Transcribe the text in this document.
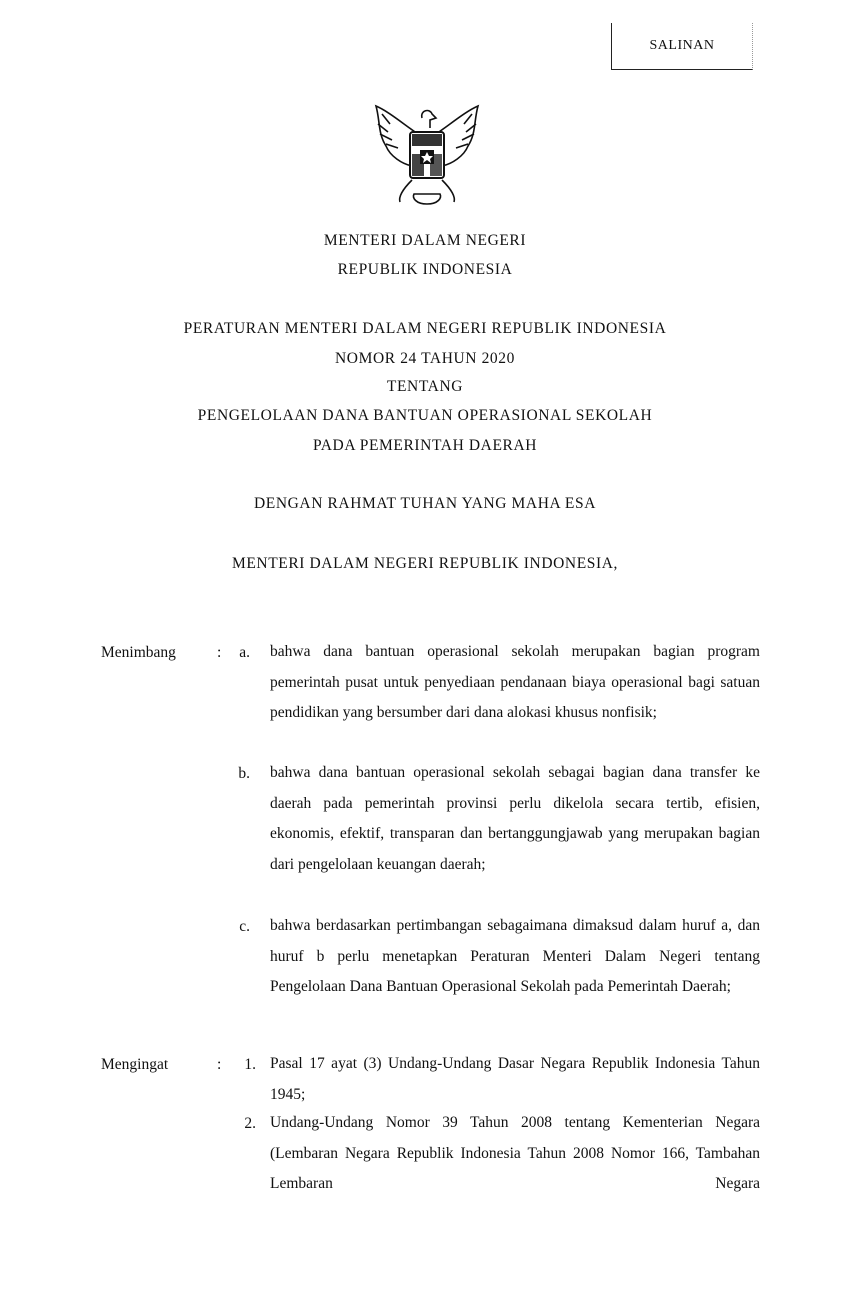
SALINAN
MENTERI DALAM NEGERI
REPUBLIK INDONESIA
PERATURAN MENTERI DALAM NEGERI REPUBLIK INDONESIA
NOMOR 24 TAHUN 2020
TENTANG
PENGELOLAAN DANA BANTUAN OPERASIONAL SEKOLAH
PADA PEMERINTAH DAERAH
DENGAN RAHMAT TUHAN YANG MAHA ESA
MENTERI DALAM NEGERI REPUBLIK INDONESIA,
Menimbang	:	a. bahwa dana bantuan operasional sekolah merupakan bagian program pemerintah pusat untuk penyediaan pendanaan biaya operasional bagi satuan pendidikan yang bersumber dari dana alokasi khusus nonfisik;
b. bahwa dana bantuan operasional sekolah sebagai bagian dana transfer ke daerah pada pemerintah provinsi perlu dikelola secara tertib, efisien, ekonomis, efektif, transparan dan bertanggungjawab yang merupakan bagian dari pengelolaan keuangan daerah;
c. bahwa berdasarkan pertimbangan sebagaimana dimaksud dalam huruf a, dan huruf b perlu menetapkan Peraturan Menteri Dalam Negeri tentang Pengelolaan Dana Bantuan Operasional Sekolah pada Pemerintah Daerah;
Mengingat	:	1. Pasal 17 ayat (3) Undang-Undang Dasar Negara Republik Indonesia Tahun 1945;
2. Undang-Undang Nomor 39 Tahun 2008 tentang Kementerian Negara (Lembaran Negara Republik Indonesia Tahun 2008 Nomor 166, Tambahan Lembaran Negara
